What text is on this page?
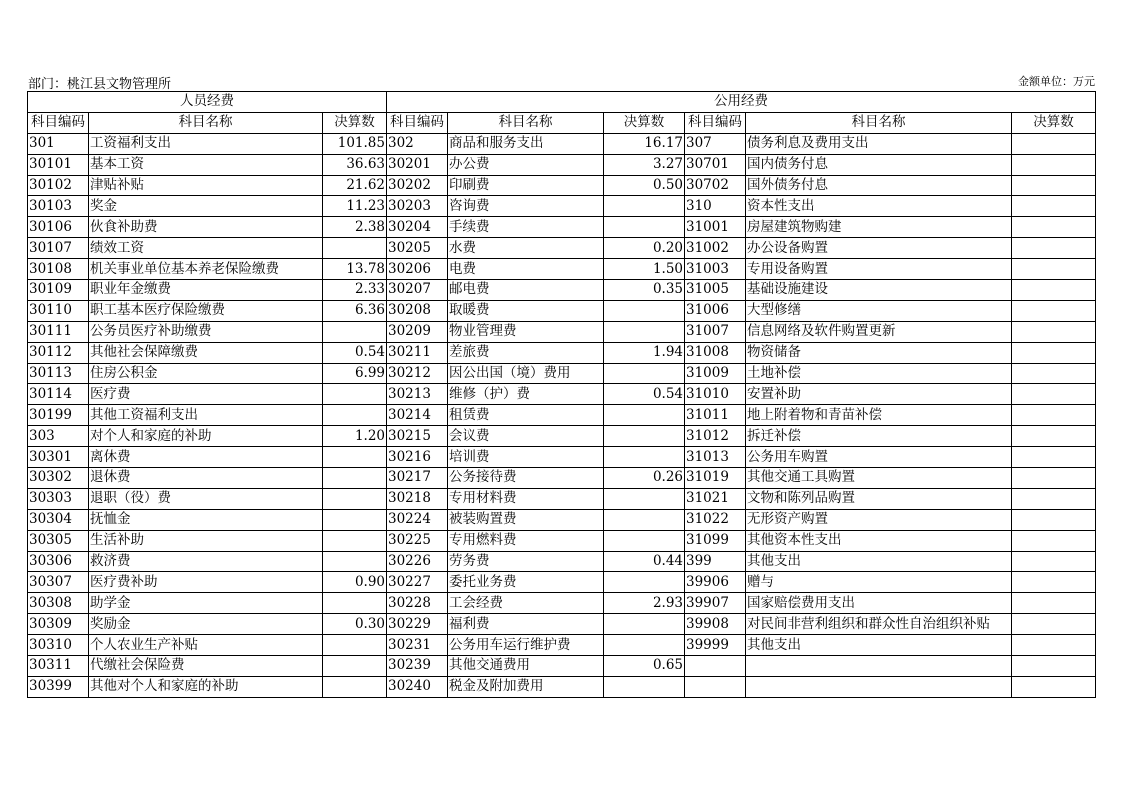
部门：桃江县文物管理所	金额单位：万元
人员经费			公用经费					
科目编码	科目名称	决算数	科目编码	科目名称	决算数	科目编码	科目名称	决算数
301	工资福利支出	101.85	302	商品和服务支出	16.17	307	债务利息及费用支出	
30101	基本工资	36.63	30201	办公费	3.27	30701	国内债务付息	
30102	津贴补贴	21.62	30202	印刷费	0.50	30702	国外债务付息	
30103	奖金	11.23	30203	咨询费		310	资本性支出	
30106	伙食补助费	2.38	30204	手续费		31001	房屋建筑物购建	
30107	绩效工资		30205	水费	0.20	31002	办公设备购置	
30108	机关事业单位基本养老保险缴费	13.78	30206	电费	1.50	31003	专用设备购置	
30109	职业年金缴费	2.33	30207	邮电费	0.35	31005	基础设施建设	
30110	职工基本医疗保险缴费	6.36	30208	取暖费		31006	大型修缮	
30111	公务员医疗补助缴费		30209	物业管理费		31007	信息网络及软件购置更新	
30112	其他社会保障缴费	0.54	30211	差旅费	1.94	31008	物资储备	
30113	住房公积金	6.99	30212	因公出国（境）费用		31009	土地补偿	
30114	医疗费		30213	维修（护）费	0.54	31010	安置补助	
30199	其他工资福利支出		30214	租赁费		31011	地上附着物和青苗补偿	
303	对个人和家庭的补助	1.20	30215	会议费		31012	拆迁补偿	
30301	离休费		30216	培训费		31013	公务用车购置	
30302	退休费		30217	公务接待费	0.26	31019	其他交通工具购置	
30303	退职（役）费		30218	专用材料费		31021	文物和陈列品购置	
30304	抚恤金		30224	被装购置费		31022	无形资产购置	
30305	生活补助		30225	专用燃料费		31099	其他资本性支出	
30306	救济费		30226	劳务费	0.44	399	其他支出	
30307	医疗费补助	0.90	30227	委托业务费		39906	赠与	
30308	助学金		30228	工会经费	2.93	39907	国家赔偿费用支出	
30309	奖励金	0.30	30229	福利费		39908	对民间非营利组织和群众性自治组织补贴	
30310	个人农业生产补贴		30231	公务用车运行维护费		39999	其他支出	
30311	代缴社会保险费		30239	其他交通费用	0.65			
30399	其他对个人和家庭的补助		30240	税金及附加费用				
